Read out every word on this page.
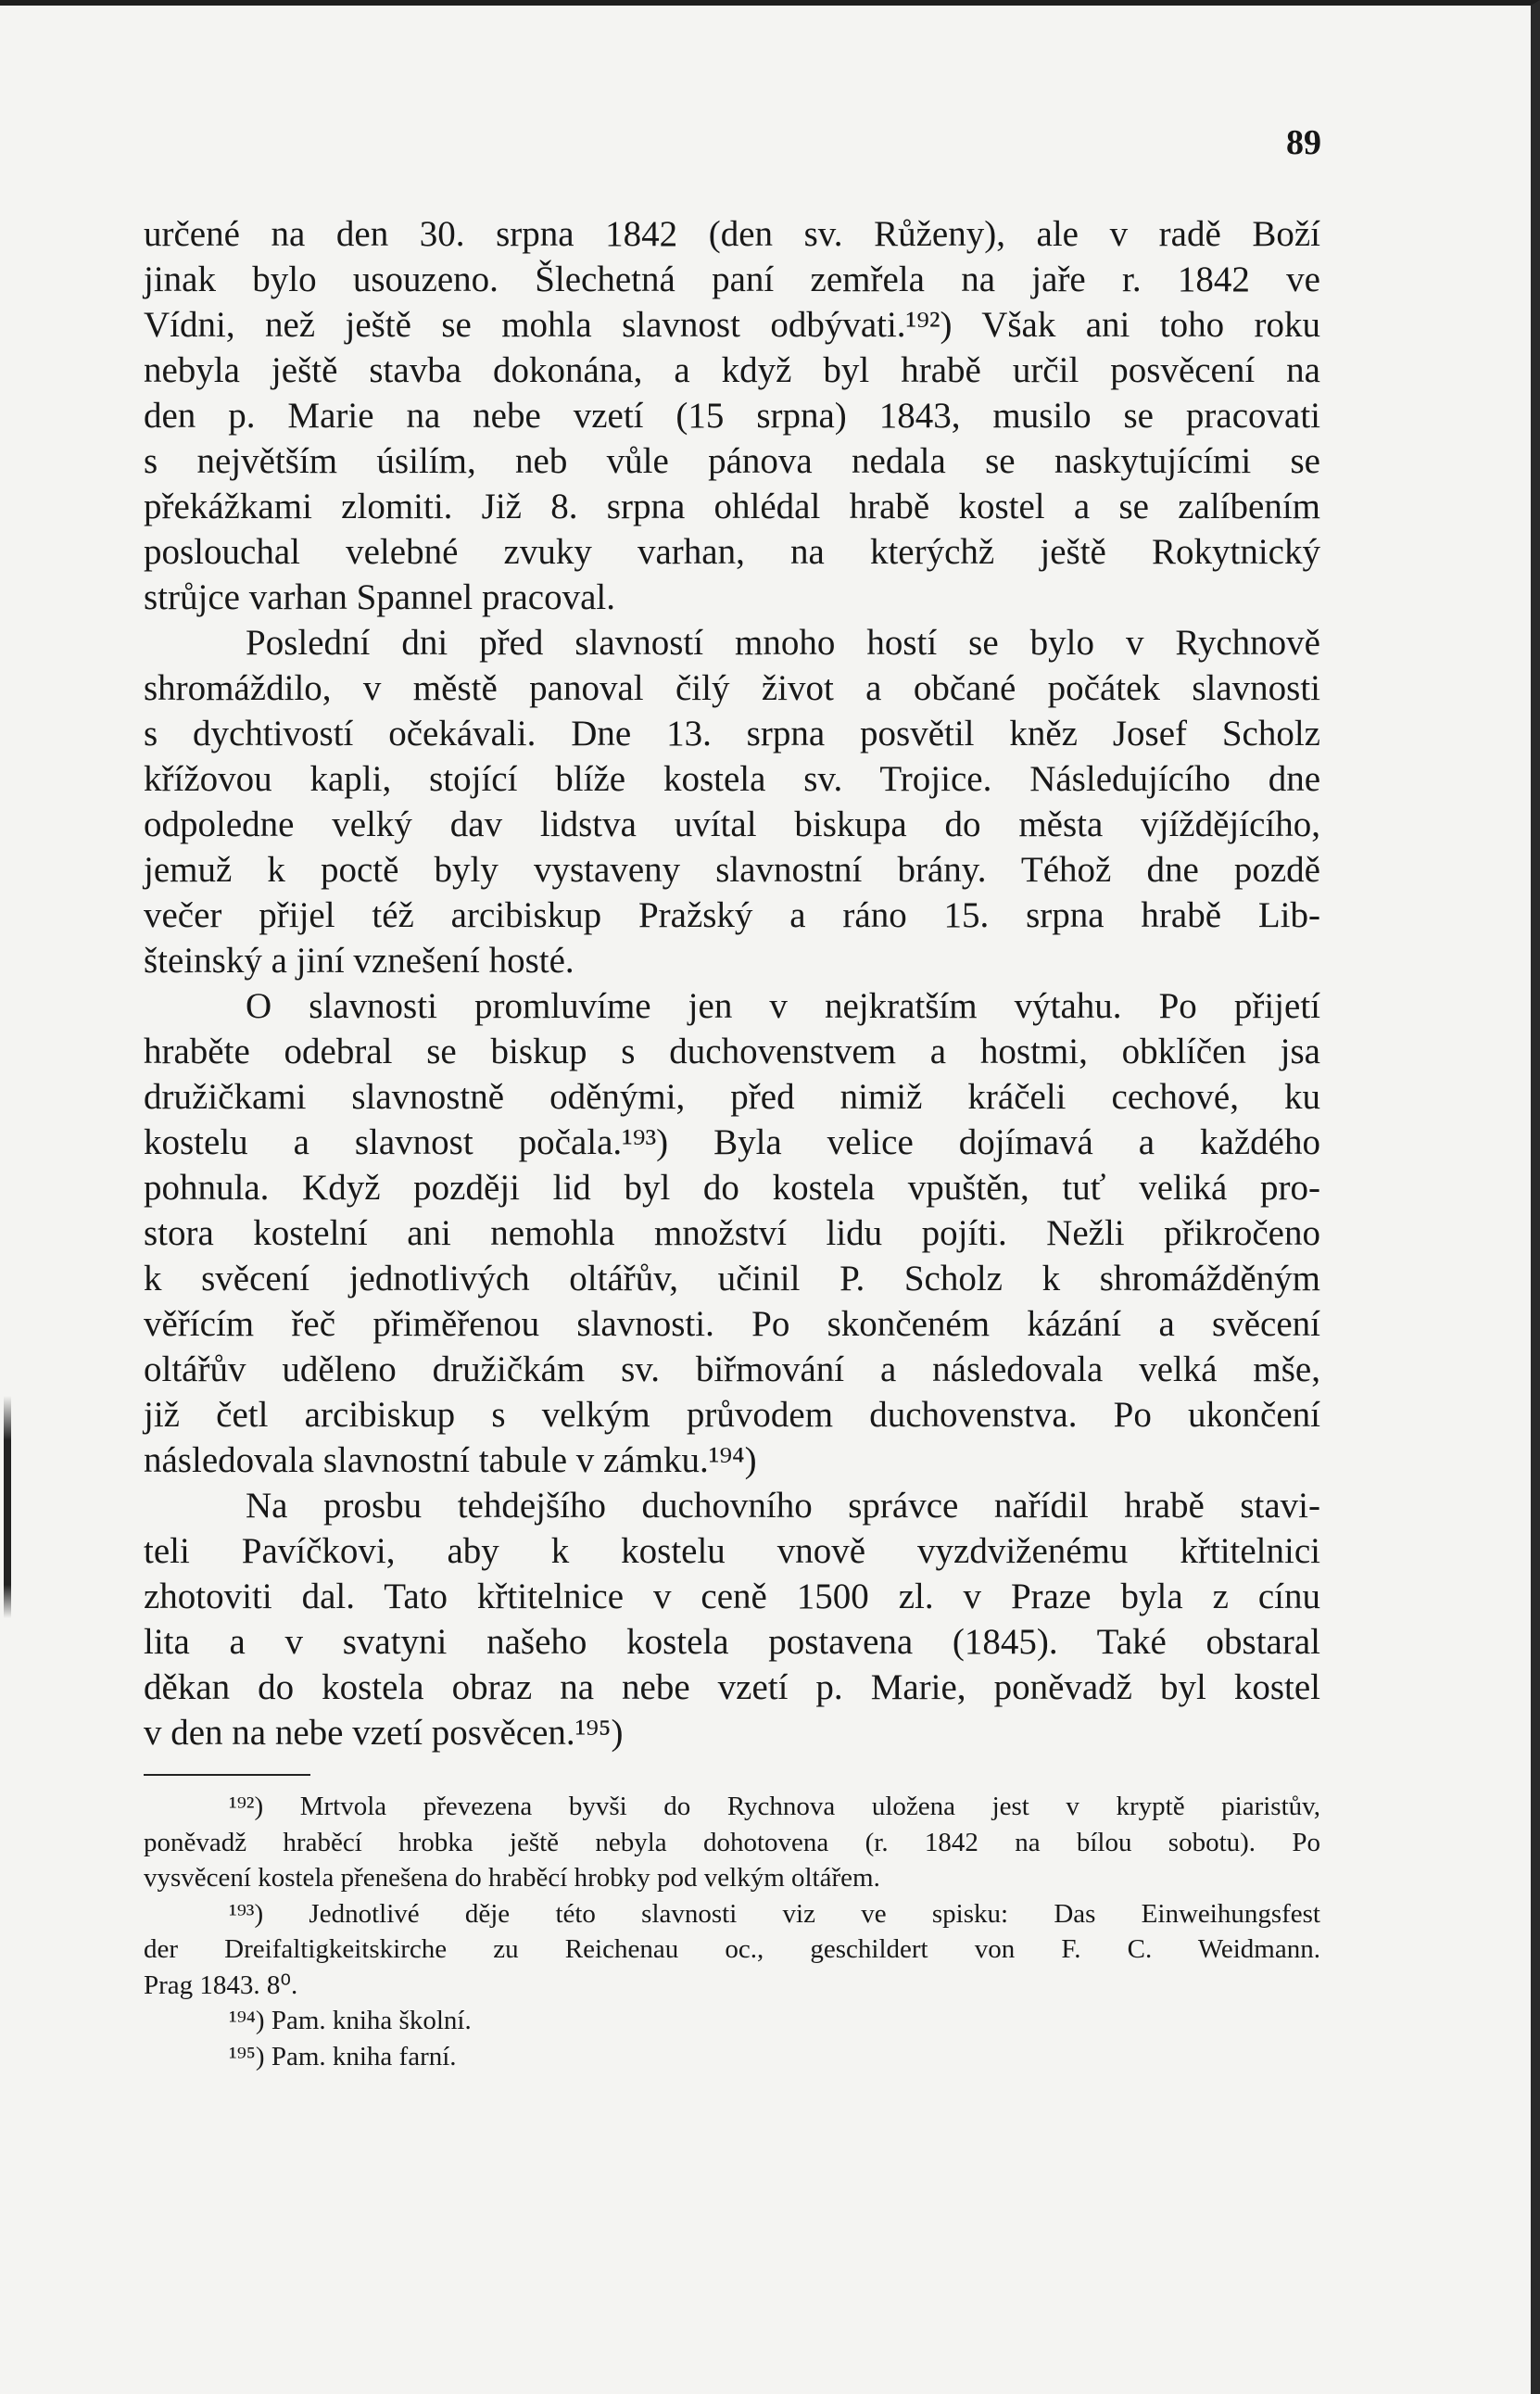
89
určené na den 30. srpna 1842 (den sv. Růženy), ale v radě Boží
jinak bylo usouzeno. Šlechetná paní zemřela na jaře r. 1842 ve
Vídni, než ještě se mohla slavnost odbývati.¹⁹²) Však ani toho roku
nebyla ještě stavba dokonána, a když byl hrabě určil posvěcení na
den p. Marie na nebe vzetí (15 srpna) 1843, musilo se pracovati
s největším úsilím, neb vůle pánova nedala se naskytujícími se
překážkami zlomiti. Již 8. srpna ohlédal hrabě kostel a se zalíbením
poslouchal velebné zvuky varhan, na kterýchž ještě Rokytnický
strůjce varhan Spannel pracoval.
Poslední dni před slavností mnoho hostí se bylo v Rychnově
shromáždilo, v městě panoval čilý život a občané počátek slavnosti
s dychtivostí očekávali. Dne 13. srpna posvětil kněz Josef Scholz
křížovou kapli, stojící blíže kostela sv. Trojice. Následujícího dne
odpoledne velký dav lidstva uvítal biskupa do města vjíždějícího,
jemuž k poctě byly vystaveny slavnostní brány. Téhož dne pozdě
večer přijel též arcibiskup Pražský a ráno 15. srpna hrabě Lib-
šteinský a jiní vznešení hosté.
O slavnosti promluvíme jen v nejkratším výtahu. Po přijetí
hraběte odebral se biskup s duchovenstvem a hostmi, obklíčen jsa
družičkami slavnostně oděnými, před nimiž kráčeli cechové, ku
kostelu a slavnost počala.¹⁹³) Byla velice dojímavá a každého
pohnula. Když později lid byl do kostela vpuštěn, tuť veliká pro-
stora kostelní ani nemohla množství lidu pojíti. Nežli přikročeno
k svěcení jednotlivých oltářův, učinil P. Scholz k shromážděným
věřícím řeč přiměřenou slavnosti. Po skončeném kázání a svěcení
oltářův uděleno družičkám sv. biřmování a následovala velká mše,
již četl arcibiskup s velkým průvodem duchovenstva. Po ukončení
následovala slavnostní tabule v zámku.¹⁹⁴)
Na prosbu tehdejšího duchovního správce nařídil hrabě stavi-
teli Pavíčkovi, aby k kostelu vnově vyzdviženému křtitelnici
zhotoviti dal. Tato křtitelnice v ceně 1500 zl. v Praze byla z cínu
lita a v svatyni našeho kostela postavena (1845). Také obstaral
děkan do kostela obraz na nebe vzetí p. Marie, poněvadž byl kostel
v den na nebe vzetí posvěcen.¹⁹⁵)
¹⁹²) Mrtvola převezena byvši do Rychnova uložena jest v kryptě piaristův,
poněvadž hraběcí hrobka ještě nebyla dohotovena (r. 1842 na bílou sobotu). Po
vysvěcení kostela přenešena do hraběcí hrobky pod velkým oltářem.
¹⁹³) Jednotlivé děje této slavnosti viz ve spisku: Das Einweihungsfest
der Dreifaltigkeitskirche zu Reichenau oc., geschildert von F. C. Weidmann.
Prag 1843. 8⁰.
¹⁹⁴) Pam. kniha školní.
¹⁹⁵) Pam. kniha farní.
